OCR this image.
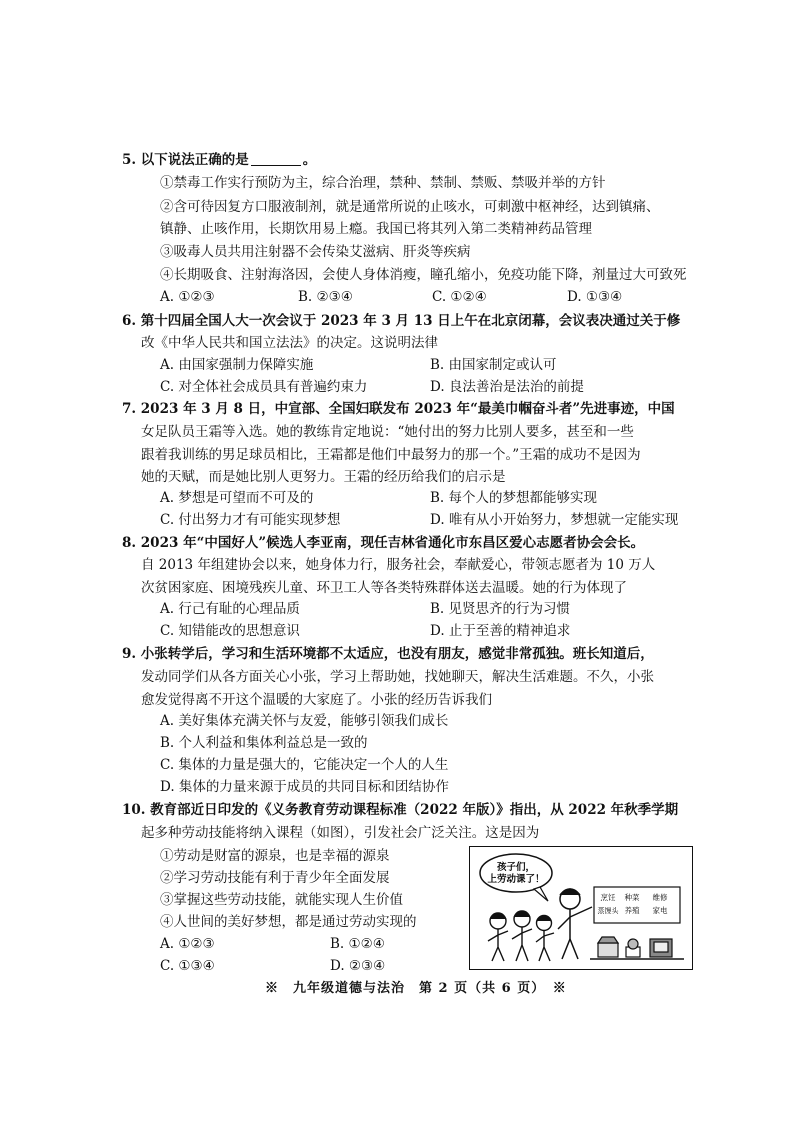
5. 以下说法正确的是	。
①禁毒工作实行预防为主，综合治理，禁种、禁制、禁贩、禁吸并举的方针
②含可待因复方口服液制剂，就是通常所说的止咳水，可刺激中枢神经，达到镇痛、
镇静、止咳作用，长期饮用易上瘾。我国已将其列入第二类精神药品管理
③吸毒人员共用注射器不会传染艾滋病、肝炎等疾病
④长期吸食、注射海洛因，会使人身体消瘦，瞳孔缩小，免疫功能下降，剂量过大可致死
A. ①②③	B. ②③④	C. ①②④	D. ①③④
6. 第十四届全国人大一次会议于 2023 年 3 月 13 日上午在北京闭幕，会议表决通过关于修
改《中华人民共和国立法法》的决定。这说明法律
A. 由国家强制力保障实施	B. 由国家制定或认可
C. 对全体社会成员具有普遍约束力	D. 良法善治是法治的前提
7. 2023 年 3 月 8 日，中宣部、全国妇联发布 2023 年“最美巾帼奋斗者”先进事迹，中国
女足队员王霜等入选。她的教练肯定地说：“她付出的努力比别人要多，甚至和一些
跟着我训练的男足球员相比，王霜都是他们中最努力的那一个。”王霜的成功不是因为
她的天赋，而是她比别人更努力。王霜的经历给我们的启示是
A. 梦想是可望而不可及的	B. 每个人的梦想都能够实现
C. 付出努力才有可能实现梦想	D. 唯有从小开始努力，梦想就一定能实现
8. 2023 年“中国好人”候选人李亚南，现任吉林省通化市东昌区爱心志愿者协会会长。
自 2013 年组建协会以来，她身体力行，服务社会，奉献爱心，带领志愿者为 10 万人
次贫困家庭、困境残疾儿童、环卫工人等各类特殊群体送去温暖。她的行为体现了
A. 行己有耻的心理品质	B. 见贤思齐的行为习惯
C. 知错能改的思想意识	D. 止于至善的精神追求
9. 小张转学后，学习和生活环境都不太适应，也没有朋友，感觉非常孤独。班长知道后，
发动同学们从各方面关心小张，学习上帮助她，找她聊天，解决生活难题。不久，小张
愈发觉得离不开这个温暖的大家庭了。小张的经历告诉我们
A. 美好集体充满关怀与友爱，能够引领我们成长
B. 个人利益和集体利益总是一致的
C. 集体的力量是强大的，它能决定一个人的人生
D. 集体的力量来源于成员的共同目标和团结协作
10. 教育部近日印发的《义务教育劳动课程标准（2022 年版）》指出，从 2022 年秋季学期
起多种劳动技能将纳入课程（如图），引发社会广泛关注。这是因为
①劳动是财富的源泉，也是幸福的源泉
②学习劳动技能有利于青少年全面发展
③掌握这些劳动技能，就能实现人生价值
④人世间的美好梦想，都是通过劳动实现的
A. ①②③	B. ①②④
C. ①③④	D. ②③④
孩子们，
上劳动课了！
烹饪 种菜 维修
蒸馒头 养殖 家电
※　九年级道德与法治　第 2 页（共 6 页）　※
